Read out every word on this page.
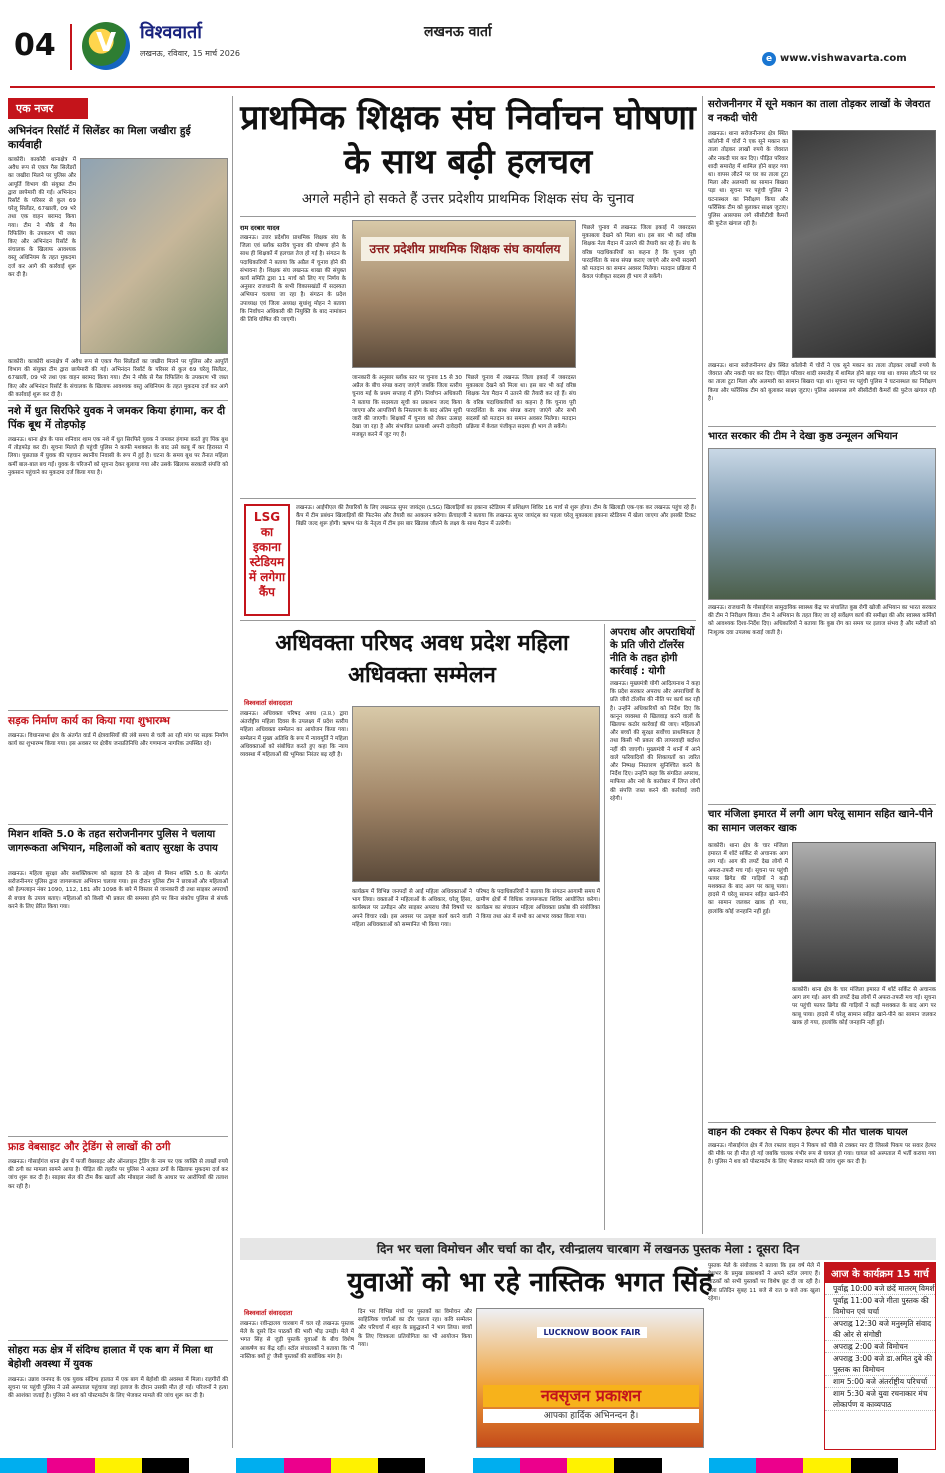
04 V विश्ववार्ता
लखनऊ, रविवार, 15 मार्च 2026
लखनऊ वार्ता
e www.vishwavarta.com
एक नजर
अभिनंदन रिसॉर्ट में सिलेंडर का मिला जखीरा हुई कार्यवाही
काकोरी। काकोरी थानाक्षेत्र में अवैध रूप से एकत्र गैस सिलेंडरों का जखीरा मिलने पर पुलिस और आपूर्ति विभाग की संयुक्त टीम द्वारा छापेमारी की गई। अभिनंदन रिसॉर्ट के परिसर से कुल 69 घरेलू सिलेंडर, 67खाली, 09 भरे तथा एक वाहन बरामद किया गया। टीम ने मौके से गैस रिफिलिंग के उपकरण भी जब्त किए और अभिनंदन रिसॉर्ट के संचालक के खिलाफ आवश्यक वस्तु अधिनियम के तहत मुकदमा दर्ज कर आगे की कार्रवाई शुरू कर दी है।
काकोरी। काकोरी थानाक्षेत्र में अवैध रूप से एकत्र गैस सिलेंडरों का जखीरा मिलने पर पुलिस और आपूर्ति विभाग की संयुक्त टीम द्वारा छापेमारी की गई। अभिनंदन रिसॉर्ट के परिसर से कुल 69 घरेलू सिलेंडर, 67खाली, 09 भरे तथा एक वाहन बरामद किया गया। टीम ने मौके से गैस रिफिलिंग के उपकरण भी जब्त किए और अभिनंदन रिसॉर्ट के संचालक के खिलाफ आवश्यक वस्तु अधिनियम के तहत मुकदमा दर्ज कर आगे की कार्रवाई शुरू कर दी है।
नशे में धुत सिरफिरे युवक ने जमकर किया हंगामा, कर दी पिंक बूथ में तोड़फोड़
लखनऊ। थाना क्षेत्र के पास शनिवार शाम एक नशे में धुत सिरफिरे युवक ने जमकर हंगामा करते हुए पिंक बूथ में तोड़फोड़ कर दी। सूचना मिलते ही पहुंची पुलिस ने काफी मशक्कत के बाद उसे काबू में कर हिरासत में लिया। पूछताछ में युवक की पहचान स्थानीय निवासी के रूप में हुई है। घटना के समय बूथ पर तैनात महिला कर्मी बाल-बाल बच गईं। युवक के परिजनों को सूचना देकर बुलाया गया और उसके खिलाफ सरकारी संपत्ति को नुकसान पहुंचाने का मुकदमा दर्ज किया गया है।
सड़क निर्माण कार्य का किया गया शुभारम्भ
लखनऊ। विधानसभा क्षेत्र के अंतर्गत वार्ड में क्षेत्रवासियों की लंबे समय से चली आ रही मांग पर सड़क निर्माण कार्य का शुभारम्भ किया गया। इस अवसर पर क्षेत्रीय जनप्रतिनिधि और गणमान्य नागरिक उपस्थित रहे।
मिशन शक्ति 5.0 के तहत सरोजनीनगर पुलिस ने चलाया जागरूकता अभियान, महिलाओं को बताए सुरक्षा के उपाय
लखनऊ। महिला सुरक्षा और सशक्तिकरण को बढ़ावा देने के उद्देश्य से मिशन शक्ति 5.0 के अंतर्गत सरोजनीनगर पुलिस द्वारा जागरूकता अभियान चलाया गया। इस दौरान पुलिस टीम ने छात्राओं और महिलाओं को हेल्पलाइन नंबर 1090, 112, 181 और 1098 के बारे में विस्तार से जानकारी दी तथा साइबर अपराधों से बचाव के उपाय बताए। महिलाओं को किसी भी प्रकार की समस्या होने पर बिना संकोच पुलिस से संपर्क करने के लिए प्रेरित किया गया।
फ्राड वेबसाइट और ट्रेडिंग से लाखों की ठगी
लखनऊ। गोसाईगंज थाना क्षेत्र में फर्जी वेबसाइट और ऑनलाइन ट्रेडिंग के नाम पर एक व्यक्ति से लाखों रुपये की ठगी का मामला सामने आया है। पीड़ित की तहरीर पर पुलिस ने अज्ञात ठगों के खिलाफ मुकदमा दर्ज कर जांच शुरू कर दी है। साइबर सेल की टीम बैंक खातों और मोबाइल नंबरों के आधार पर आरोपियों की तलाश कर रही है।
सोहरा मऊ क्षेत्र में संदिग्ध हालात में एक बाग में मिला था बेहोशी अवस्था में युवक
लखनऊ। उन्नाव जनपद के एक युवक संदिग्ध हालात में एक बाग में बेहोशी की अवस्था में मिला। राहगीरों की सूचना पर पहुंची पुलिस ने उसे अस्पताल पहुंचाया जहां इलाज के दौरान उसकी मौत हो गई। परिजनों ने हत्या की आशंका जताई है। पुलिस ने शव को पोस्टमार्टम के लिए भेजकर मामले की जांच शुरू कर दी है।
प्राथमिक शिक्षक संघ निर्वाचन घोषणा के साथ बढ़ी हलचल
अगले महीने हो सकते हैं उत्तर प्रदेशीय प्राथमिक शिक्षक संघ के चुनाव
राम दरबार यादव
लखनऊ। उत्तर प्रदेशीय प्राथमिक शिक्षक संघ के जिला एवं ब्लॉक स्तरीय चुनाव की घोषणा होने के साथ ही शिक्षकों में हलचल तेज हो गई है। संगठन के पदाधिकारियों ने बताया कि अप्रैल में चुनाव होने की संभावना है। शिक्षक संघ लखनऊ शाखा की संयुक्त कार्य समिति द्वारा 11 मार्च को लिए गए निर्णय के अनुसार राजधानी के सभी विकासखंडों में सदस्यता अभियान चलाया जा रहा है। संगठन के प्रदेश उपाध्यक्ष एवं जिला अध्यक्ष सुधांशु मोहन ने बताया कि निर्वाचन अधिकारी की नियुक्ति के बाद नामांकन की तिथि घोषित की जाएगी।
उत्तर प्रदेशीय प्राथमिक शिक्षक संघ कार्यालय
जानकारी के अनुसार ब्लॉक स्तर पर चुनाव 15 से 30 अप्रैल के बीच संपन्न कराए जाएंगे जबकि जिला स्तरीय चुनाव मई के प्रथम सप्ताह में होंगे। निर्वाचन अधिकारी ने बताया कि सदस्यता सूची का प्रकाशन जल्द किया जाएगा और आपत्तियों के निस्तारण के बाद अंतिम सूची जारी की जाएगी। शिक्षकों में चुनाव को लेकर उत्साह देखा जा रहा है और संभावित प्रत्याशी अपनी दावेदारी मजबूत करने में जुट गए हैं।
पिछले चुनाव में लखनऊ जिला इकाई में जबरदस्त मुकाबला देखने को मिला था। इस बार भी कई वरिष्ठ शिक्षक नेता मैदान में उतरने की तैयारी कर रहे हैं। संघ के वरिष्ठ पदाधिकारियों का कहना है कि चुनाव पूरी पारदर्शिता के साथ संपन्न कराए जाएंगे और सभी सदस्यों को मतदान का समान अवसर मिलेगा। मतदान प्रक्रिया में केवल पंजीकृत सदस्य ही भाग ले सकेंगे।
पिछले चुनाव में लखनऊ जिला इकाई में जबरदस्त मुकाबला देखने को मिला था। इस बार भी कई वरिष्ठ शिक्षक नेता मैदान में उतरने की तैयारी कर रहे हैं। संघ के वरिष्ठ पदाधिकारियों का कहना है कि चुनाव पूरी पारदर्शिता के साथ संपन्न कराए जाएंगे और सभी सदस्यों को मतदान का समान अवसर मिलेगा। मतदान प्रक्रिया में केवल पंजीकृत सदस्य ही भाग ले सकेंगे।
LSG का इकाना स्टेडियम में लगेगा कैंप
लखनऊ। आईपीएल की तैयारियों के लिए लखनऊ सुपर जायंट्स (LSG) खिलाड़ियों का इकाना स्टेडियम में प्रशिक्षण शिविर 16 मार्च से शुरू होगा। टीम के खिलाड़ी एक-एक कर लखनऊ पहुंच रहे हैं। कैंप में टीम प्रबंधन खिलाड़ियों की फिटनेस और तैयारी का आकलन करेगा। फ्रेंचाइजी ने बताया कि लखनऊ सुपर जायंट्स का पहला घरेलू मुकाबला इकाना स्टेडियम में खेला जाएगा और इसकी टिकट बिक्री जल्द शुरू होगी। ऋषभ पंत के नेतृत्व में टीम इस बार खिताब जीतने के लक्ष्य के साथ मैदान में उतरेगी।
अधिवक्ता परिषद अवध प्रदेश महिला अधिवक्ता सम्मेलन
विश्ववार्ता संवाददाता
लखनऊ। अधिवक्ता परिषद अवध (उ.प्र.) द्वारा अंतर्राष्ट्रीय महिला दिवस के उपलक्ष्य में प्रदेश स्तरीय महिला अधिवक्ता सम्मेलन का आयोजन किया गया। सम्मेलन में मुख्य अतिथि के रूप में न्यायमूर्ति ने महिला अधिवक्ताओं को संबोधित करते हुए कहा कि न्याय व्यवस्था में महिलाओं की भूमिका निरंतर बढ़ रही है।
कार्यक्रम में विभिन्न जनपदों से आईं महिला अधिवक्ताओं ने भाग लिया। वक्ताओं ने महिलाओं के अधिकार, घरेलू हिंसा, कार्यस्थल पर उत्पीड़न और साइबर अपराध जैसे विषयों पर अपने विचार रखे। इस अवसर पर उत्कृष्ट कार्य करने वाली महिला अधिवक्ताओं को सम्मानित भी किया गया।
परिषद के पदाधिकारियों ने बताया कि संगठन आगामी समय में ग्रामीण क्षेत्रों में विधिक जागरूकता शिविर आयोजित करेगा। कार्यक्रम का संचालन महिला अधिवक्ता प्रकोष्ठ की संयोजिका ने किया तथा अंत में सभी का आभार व्यक्त किया गया।
अपराध और अपराधियों के प्रति जीरो टॉलरेंस नीति के तहत होगी कार्रवाई : योगी
लखनऊ। मुख्यमंत्री योगी आदित्यनाथ ने कहा कि प्रदेश सरकार अपराध और अपराधियों के प्रति जीरो टॉलरेंस की नीति पर कार्य कर रही है। उन्होंने अधिकारियों को निर्देश दिए कि कानून व्यवस्था से खिलवाड़ करने वालों के खिलाफ कठोर कार्रवाई की जाए। महिलाओं और बच्चों की सुरक्षा सर्वोच्च प्राथमिकता है तथा किसी भी प्रकार की लापरवाही बर्दाश्त नहीं की जाएगी। मुख्यमंत्री ने थानों में आने वाले फरियादियों की शिकायतों का त्वरित और निष्पक्ष निस्तारण सुनिश्चित करने के निर्देश दिए। उन्होंने कहा कि संगठित अपराध, माफिया और नशे के कारोबार में लिप्त लोगों की संपत्ति जब्त करने की कार्रवाई जारी रहेगी।
सरोजनीनगर में सूने मकान का ताला तोड़कर लाखों के जेवरात व नकदी चोरी
लखनऊ। थाना सरोजनीनगर क्षेत्र स्थित कॉलोनी में चोरों ने एक सूने मकान का ताला तोड़कर लाखों रुपये के जेवरात और नकदी पार कर दिए। पीड़ित परिवार शादी समारोह में शामिल होने बाहर गया था। वापस लौटने पर घर का ताला टूटा मिला और अलमारी का सामान बिखरा पड़ा था। सूचना पर पहुंची पुलिस ने घटनास्थल का निरीक्षण किया और फॉरेंसिक टीम को बुलाकर साक्ष्य जुटाए। पुलिस आसपास लगे सीसीटीवी कैमरों की फुटेज खंगाल रही है।
लखनऊ। थाना सरोजनीनगर क्षेत्र स्थित कॉलोनी में चोरों ने एक सूने मकान का ताला तोड़कर लाखों रुपये के जेवरात और नकदी पार कर दिए। पीड़ित परिवार शादी समारोह में शामिल होने बाहर गया था। वापस लौटने पर घर का ताला टूटा मिला और अलमारी का सामान बिखरा पड़ा था। सूचना पर पहुंची पुलिस ने घटनास्थल का निरीक्षण किया और फॉरेंसिक टीम को बुलाकर साक्ष्य जुटाए। पुलिस आसपास लगे सीसीटीवी कैमरों की फुटेज खंगाल रही है।
भारत सरकार की टीम ने देखा कुष्ठ उन्मूलन अभियान
लखनऊ। राजधानी के गोसाईगंज सामुदायिक स्वास्थ्य केंद्र पर संचालित कुष्ठ रोगी खोजी अभियान का भारत सरकार की टीम ने निरीक्षण किया। टीम ने अभियान के तहत किए जा रहे सर्वेक्षण कार्य की समीक्षा की और स्वास्थ्य कर्मियों को आवश्यक दिशा-निर्देश दिए। अधिकारियों ने बताया कि कुष्ठ रोग का समय पर इलाज संभव है और मरीजों को निःशुल्क दवा उपलब्ध कराई जाती है।
चार मंजिला इमारत में लगी आग घरेलू सामान सहित खाने-पीने का सामान जलकर खाक
काकोरी। थाना क्षेत्र के चार मंजिला इमारत में शॉर्ट सर्किट से अचानक आग लग गई। आग की लपटें देख लोगों में अफरा-तफरी मच गई। सूचना पर पहुंची फायर ब्रिगेड की गाड़ियों ने कड़ी मशक्कत के बाद आग पर काबू पाया। हादसे में घरेलू सामान सहित खाने-पीने का सामान जलकर खाक हो गया, हालांकि कोई जनहानि नहीं हुई।
काकोरी। थाना क्षेत्र के चार मंजिला इमारत में शॉर्ट सर्किट से अचानक आग लग गई। आग की लपटें देख लोगों में अफरा-तफरी मच गई। सूचना पर पहुंची फायर ब्रिगेड की गाड़ियों ने कड़ी मशक्कत के बाद आग पर काबू पाया। हादसे में घरेलू सामान सहित खाने-पीने का सामान जलकर खाक हो गया, हालांकि कोई जनहानि नहीं हुई।
वाहन की टक्कर से पिकप हेल्पर की मौत चालक घायल
लखनऊ। गोसाईगंज क्षेत्र में तेज रफ्तार वाहन ने पिकप को पीछे से टक्कर मार दी जिससे पिकप पर सवार हेल्पर की मौके पर ही मौत हो गई जबकि चालक गंभीर रूप से घायल हो गया। घायल को अस्पताल में भर्ती कराया गया है। पुलिस ने शव को पोस्टमार्टम के लिए भेजकर मामले की जांच शुरू कर दी है।
दिन भर चला विमोचन और चर्चा का दौर, रवीन्द्रालय चारबाग में लखनऊ पुस्तक मेला : दूसरा दिन
युवाओं को भा रहे नास्तिक भगत सिंह
विश्ववार्ता संवाददाता
लखनऊ। रवीन्द्रालय चारबाग में चल रहे लखनऊ पुस्तक मेले के दूसरे दिन पाठकों की भारी भीड़ उमड़ी। मेले में भगत सिंह से जुड़ी पुस्तकें युवाओं के बीच विशेष आकर्षण का केंद्र रहीं। स्टॉल संचालकों ने बताया कि 'मैं नास्तिक क्यों हूं' जैसी पुस्तकों की सर्वाधिक मांग है।
दिन भर विभिन्न मंचों पर पुस्तकों का विमोचन और साहित्यिक चर्चाओं का दौर चलता रहा। कवि सम्मेलन और परिचर्चा में शहर के प्रबुद्धजनों ने भाग लिया। बच्चों के लिए चित्रकला प्रतियोगिता का भी आयोजन किया गया।
LUCKNOW BOOK FAIR
नवसृजन प्रकाशन
आपका हार्दिक अभिनन्दन है।
पुस्तक मेले के संयोजक ने बताया कि इस वर्ष मेले में देशभर के प्रमुख प्रकाशकों ने अपने स्टॉल लगाए हैं। पाठकों को सभी पुस्तकों पर विशेष छूट दी जा रही है। मेला प्रतिदिन सुबह 11 बजे से रात 9 बजे तक खुला रहेगा।
आज के कार्यक्रम 15 मार्च
पूर्वाह्न 10:00 बजे छंदें मातरम् विमर्श
पूर्वाह्न 11:00 बजे गीता पुस्तक की विमोचन एवं चर्चा
अपराह्न 12:30 बजे मनुस्मृति संवाद की ओर से संगोष्ठी
अपराह्न 2:00 बजे विमोचन
अपराह्न 3:00 बजे डा.अमित दुबे की पुस्तक का विमोचन
शाम 5:00 बजे अंतर्राष्ट्रीय परिचर्चा
शाम 5:30 बजे युवा रचनाकार मंच लोकार्पण व काव्यपाठ
